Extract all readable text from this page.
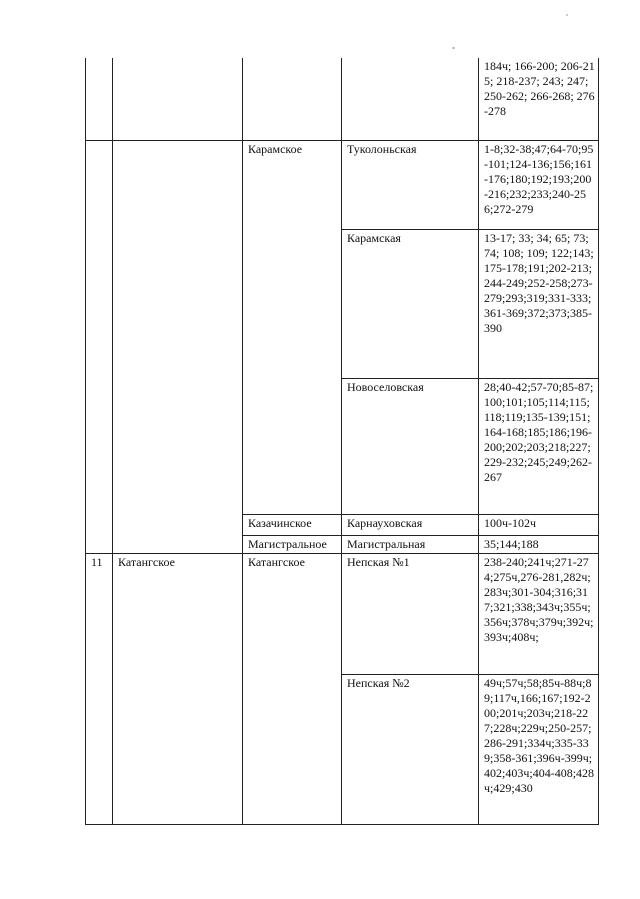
				184ч; 166-200; 206-215; 218-237; 243; 247; 250-262; 266-268; 276-278
		Карамское	Туколоньская	1-8;32-38;47;64-70;95-101;124-136;156;161-176;180;192;193;200-216;232;233;240-256;272-279
			Карамская	13-17; 33; 34; 65; 73; 74; 108; 109; 122;143;175-178;191;202-213;244-249;252-258;273-279;293;319;331-333;361-369;372;373;385-390
			Новоселовская	28;40-42;57-70;85-87;100;101;105;114;115;118;119;135-139;151;164-168;185;186;196-200;202;203;218;227;229-232;245;249;262-267
		Казачинское	Карнауховская	100ч-102ч
		Магистральное	Магистральная	35;144;188
11	Катангское	Катангское	Непская №1	238-240;241ч;271-274;275ч,276-281,282ч;283ч;301-304;316;317;321;338;343ч;355ч;356ч;378ч;379ч;392ч;393ч;408ч;
			Непская №2	49ч;57ч;58;85ч-88ч;89;117ч,166;167;192-200;201ч;203ч;218-227;228ч;229ч;250-257;286-291;334ч;335-339;358-361;396ч-399ч;402;403ч;404-408;428ч;429;430
